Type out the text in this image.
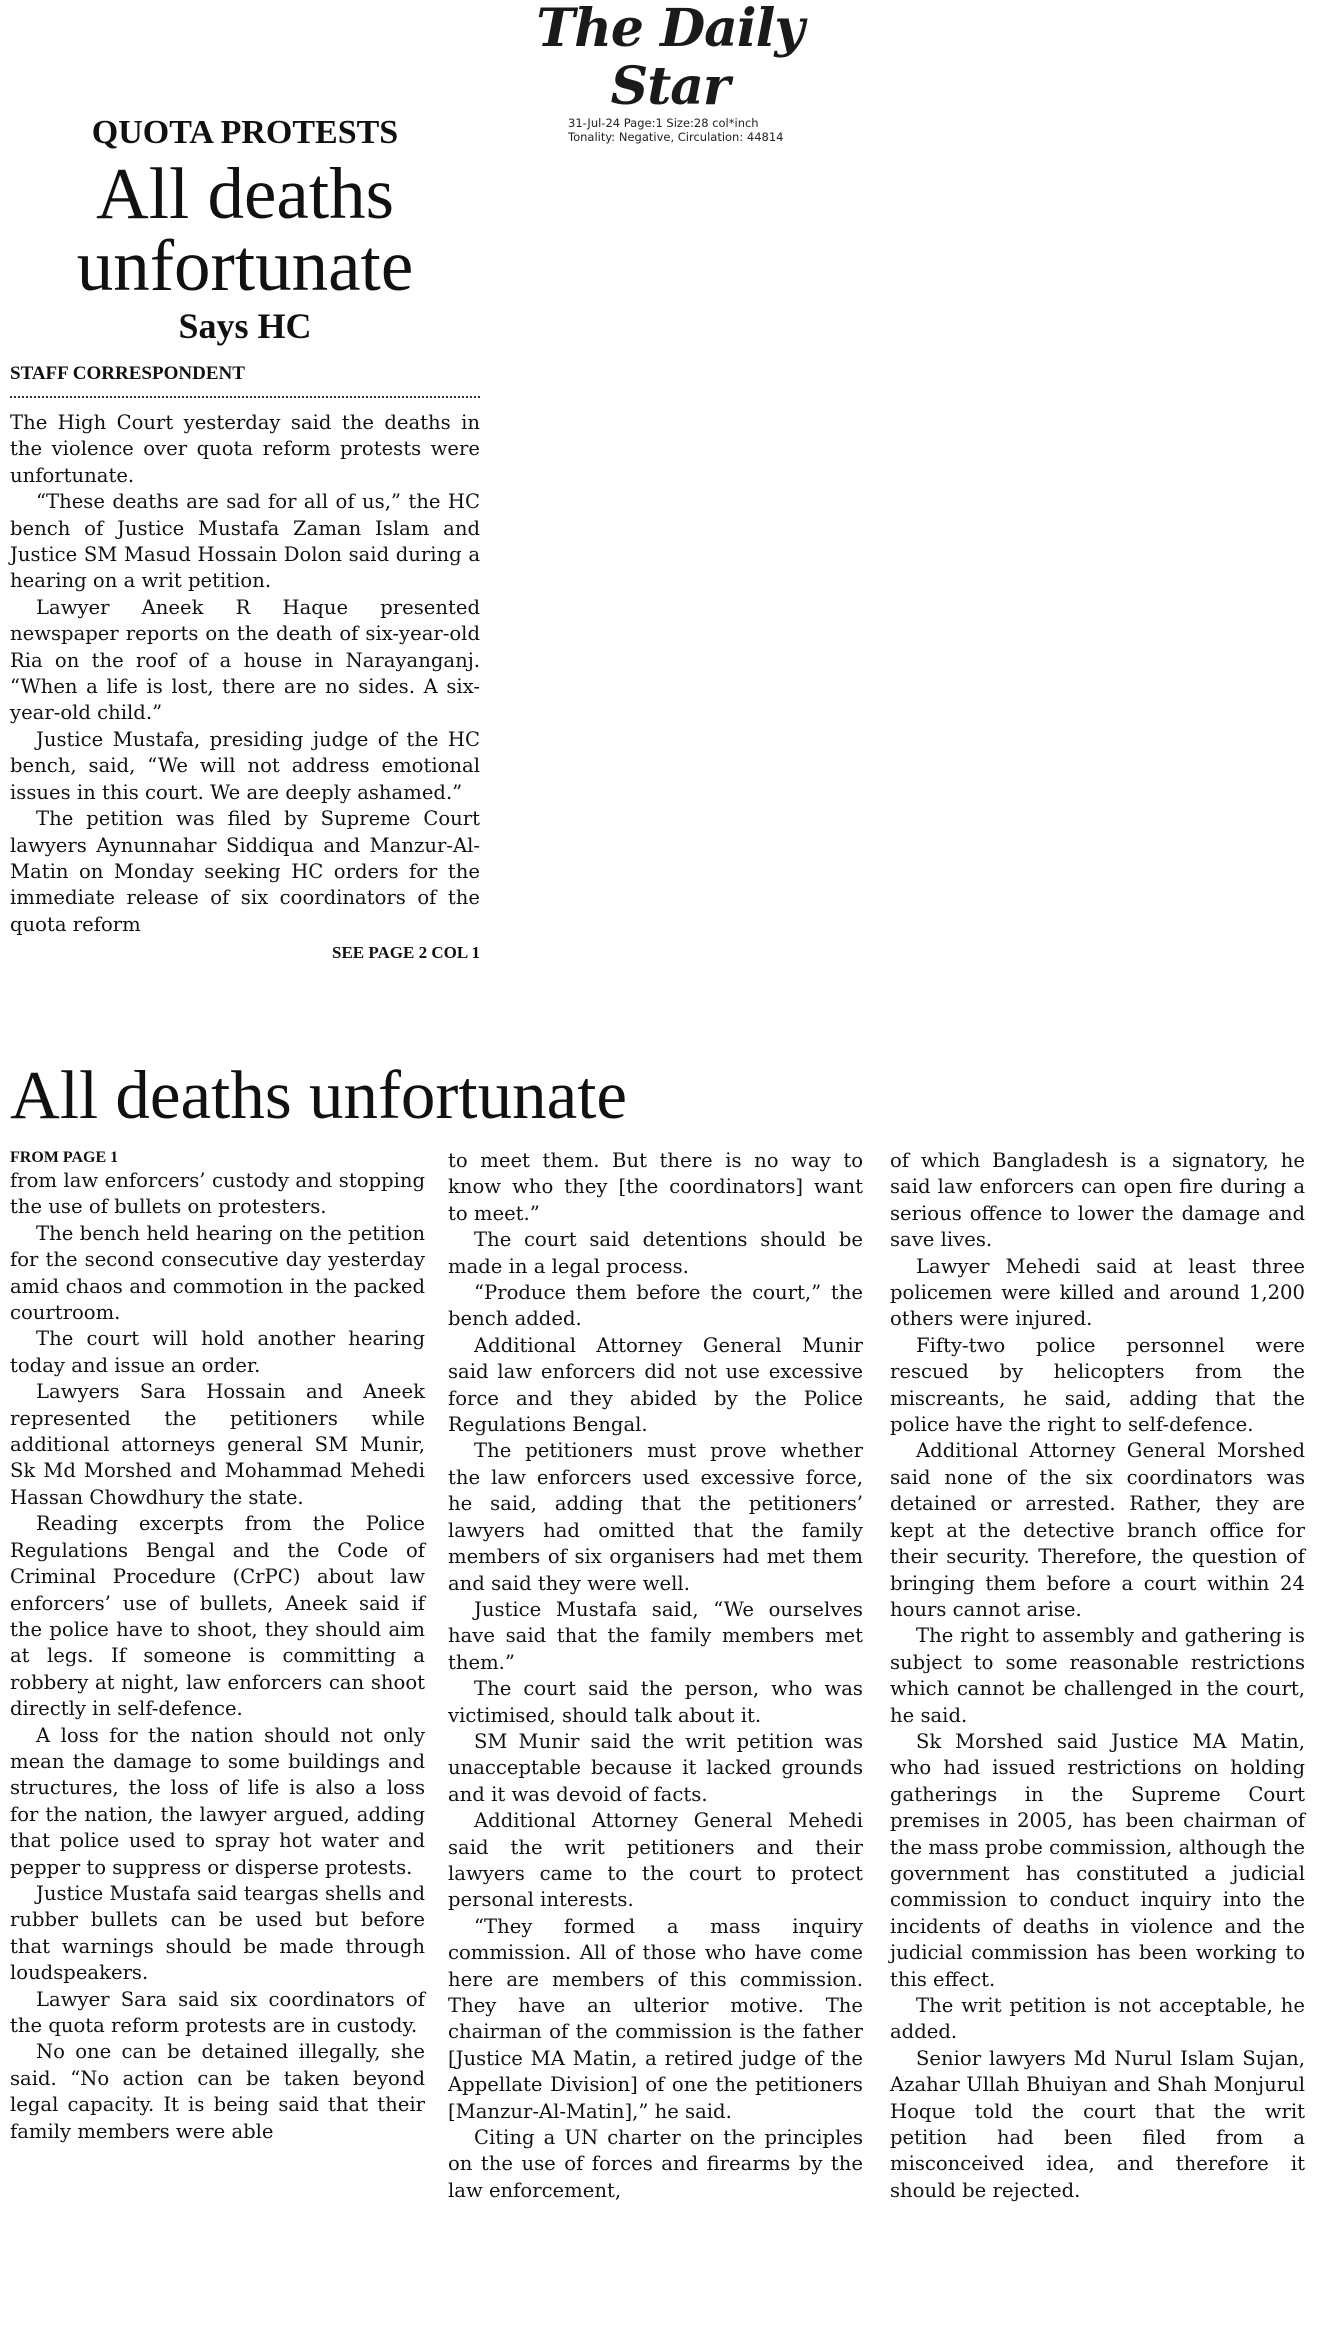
The Daily Star
31-Jul-24 Page:1 Size:28 col*inch
Tonality: Negative, Circulation: 44814
QUOTA PROTESTS
All deaths
unfortunate
Says HC
STAFF CORRESPONDENT

The High Court yesterday said the deaths in the violence over quota reform protests were unfortunate.

“These deaths are sad for all of us,” the HC bench of Justice Mustafa Zaman Islam and Justice SM Masud Hossain Dolon said during a hearing on a writ petition.

Lawyer Aneek R Haque presented newspaper reports on the death of six-year-old Ria on the roof of a house in Narayanganj. “When a life is lost, there are no sides. A six-year-old child.”

Justice Mustafa, presiding judge of the HC bench, said, “We will not address emotional issues in this court. We are deeply ashamed.”

The petition was filed by Supreme Court lawyers Aynunnahar Siddiqua and Manzur-Al-Matin on Monday seeking HC orders for the immediate release of six coordinators of the quota reform

SEE PAGE 2 COL 1
All deaths unfortunate
FROM PAGE 1

from law enforcers’ custody and stopping the use of bullets on protesters.

The bench held hearing on the petition for the second consecutive day yesterday amid chaos and commotion in the packed courtroom.

The court will hold another hearing today and issue an order.

Lawyers Sara Hossain and Aneek represented the petitioners while additional attorneys general SM Munir, Sk Md Morshed and Mohammad Mehedi Hassan Chowdhury the state.

Reading excerpts from the Police Regulations Bengal and the Code of Criminal Procedure (CrPC) about law enforcers’ use of bullets, Aneek said if the police have to shoot, they should aim at legs. If someone is committing a robbery at night, law enforcers can shoot directly in self-defence.

A loss for the nation should not only mean the damage to some buildings and structures, the loss of life is also a loss for the nation, the lawyer argued, adding that police used to spray hot water and pepper to suppress or disperse protests.

Justice Mustafa said teargas shells and rubber bullets can be used but before that warnings should be made through loudspeakers.

Lawyer Sara said six coordinators of the quota reform protests are in custody.

No one can be detained illegally, she said. “No action can be taken beyond legal capacity. It is being said that their family members were able

to meet them. But there is no way to know who they [the coordinators] want to meet.”

The court said detentions should be made in a legal process.

“Produce them before the court,” the bench added.

Additional Attorney General Munir said law enforcers did not use excessive force and they abided by the Police Regulations Bengal.

The petitioners must prove whether the law enforcers used excessive force, he said, adding that the petitioners’ lawyers had omitted that the family members of six organisers had met them and said they were well.

Justice Mustafa said, “We ourselves have said that the family members met them.”

The court said the person, who was victimised, should talk about it.

SM Munir said the writ petition was unacceptable because it lacked grounds and it was devoid of facts.

Additional Attorney General Mehedi said the writ petitioners and their lawyers came to the court to protect personal interests.

“They formed a mass inquiry commission. All of those who have come here are members of this commission. They have an ulterior motive. The chairman of the commission is the father [Justice MA Matin, a retired judge of the Appellate Division] of one the petitioners [Manzur-Al-Matin],” he said.

Citing a UN charter on the principles on the use of forces and firearms by the law enforcement,

of which Bangladesh is a signatory, he said law enforcers can open fire during a serious offence to lower the damage and save lives.

Lawyer Mehedi said at least three policemen were killed and around 1,200 others were injured.

Fifty-two police personnel were rescued by helicopters from the miscreants, he said, adding that the police have the right to self-defence.

Additional Attorney General Morshed said none of the six coordinators was detained or arrested. Rather, they are kept at the detective branch office for their security. Therefore, the question of bringing them before a court within 24 hours cannot arise.

The right to assembly and gathering is subject to some reasonable restrictions which cannot be challenged in the court, he said.

Sk Morshed said Justice MA Matin, who had issued restrictions on holding gatherings in the Supreme Court premises in 2005, has been chairman of the mass probe commission, although the government has constituted a judicial commission to conduct inquiry into the incidents of deaths in violence and the judicial commission has been working to this effect.

The writ petition is not acceptable, he added.

Senior lawyers Md Nurul Islam Sujan, Azahar Ullah Bhuiyan and Shah Monjurul Hoque told the court that the writ petition had been filed from a misconceived idea, and therefore it should be rejected.
